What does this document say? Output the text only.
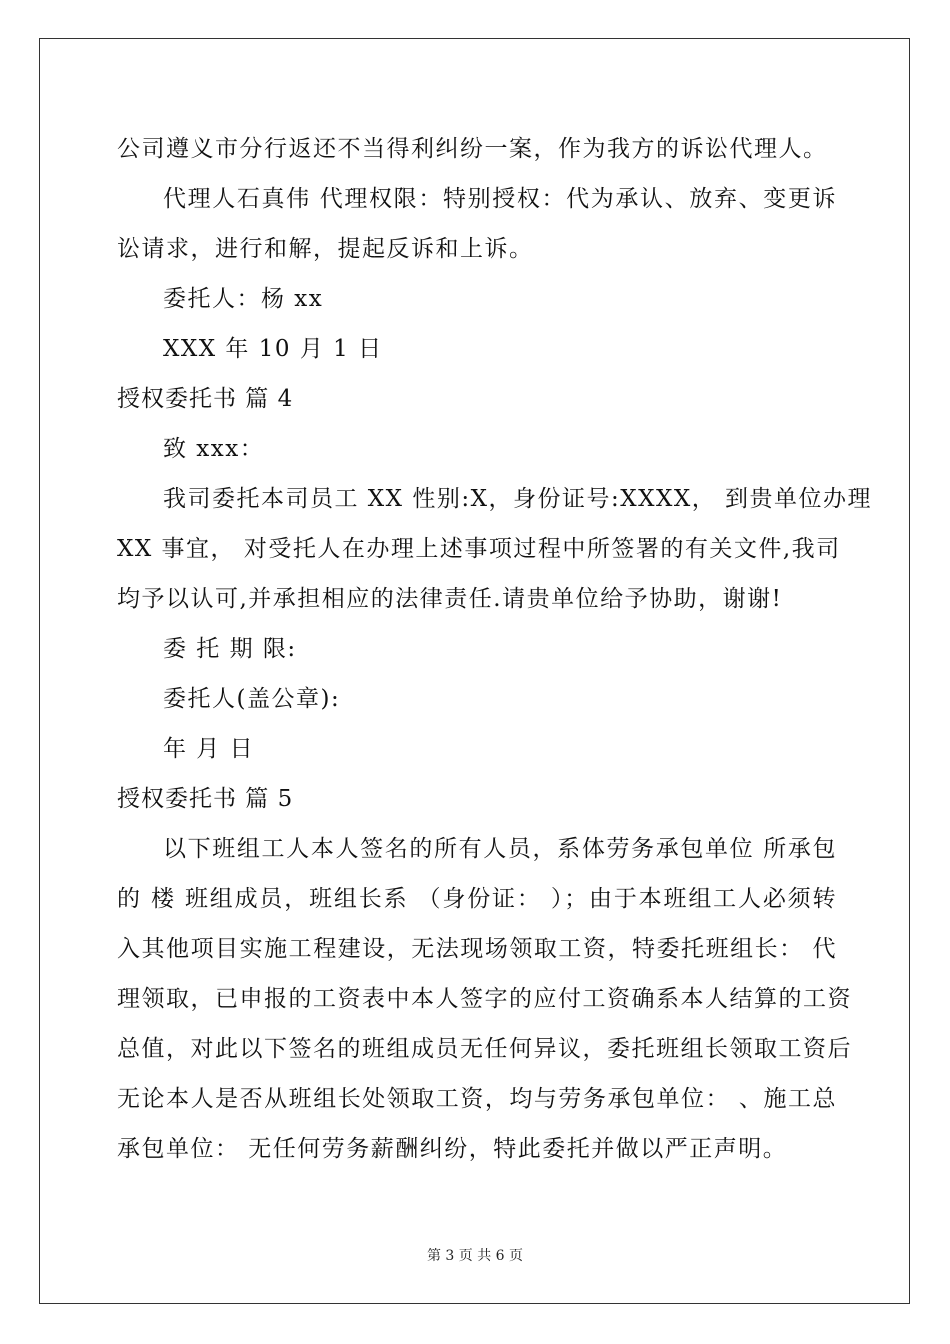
公司遵义市分行返还不当得利纠纷一案，作为我方的诉讼代理人。
代理人石真伟 代理权限：特别授权：代为承认、放弃、变更诉
讼请求，进行和解，提起反诉和上诉。
委托人：杨 xx
XXX 年 10 月 1 日
授权委托书 篇 4
致 xxx：
我司委托本司员工 XX 性别:X，身份证号:XXXX， 到贵单位办理
XX 事宜， 对受托人在办理上述事项过程中所签署的有关文件,我司
均予以认可,并承担相应的法律责任.请贵单位给予协助，谢谢!
委 托 期 限:
委托人(盖公章):
年 月 日
授权委托书 篇 5
以下班组工人本人签名的所有人员，系体劳务承包单位 所承包
的 楼 班组成员，班组长系 （身份证： ）；由于本班组工人必须转
入其他项目实施工程建设，无法现场领取工资，特委托班组长： 代
理领取，已申报的工资表中本人签字的应付工资确系本人结算的工资
总值，对此以下签名的班组成员无任何异议，委托班组长领取工资后
无论本人是否从班组长处领取工资，均与劳务承包单位： 、施工总
承包单位： 无任何劳务薪酬纠纷，特此委托并做以严正声明。
第 3 页 共 6 页
